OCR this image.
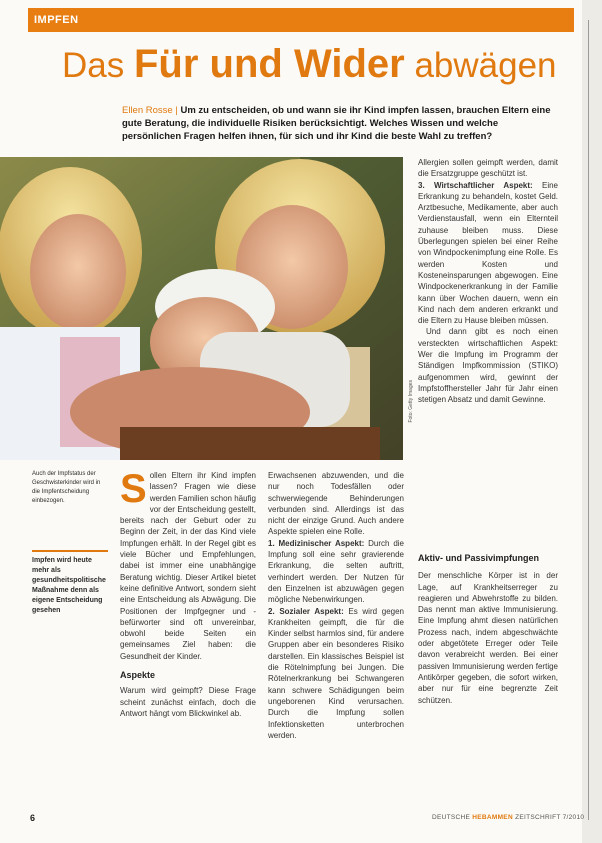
IMPFEN
Das Für und Wider abwägen
Ellen Rosse | Um zu entscheiden, ob und wann sie ihr Kind impfen lassen, brauchen Eltern eine gute Beratung, die individuelle Risiken berücksichtigt. Welches Wissen und welche persönlichen Fragen helfen ihnen, für sich und ihr Kind die beste Wahl zu treffen?
Foto: Getty Images
Auch der Impfstatus der Geschwisterkinder wird in die Impfentscheidung einbezogen.
Impfen wird heute mehr als gesundheitspolitische Maßnahme denn als eigene Entscheidung gesehen
S ollen Eltern ihr Kind impfen lassen? Fragen wie diese werden Familien schon häufig vor der Entscheidung gestellt, bereits nach der Geburt oder zu Beginn der Zeit, in der das Kind viele Impfungen erhält. In der Regel gibt es viele Bücher und Empfehlungen, dabei ist immer eine unabhängige Beratung wichtig. Dieser Artikel bietet keine definitive Antwort, sondern sieht eine Entscheidung als Abwägung. Die Positionen der Impfgegner und -befürworter sind oft unvereinbar, obwohl beide Seiten ein gemeinsames Ziel haben: die Gesundheit der Kinder.
Aspekte
Warum wird geimpft? Diese Frage scheint zunächst einfach, doch die Antwort hängt vom Blickwinkel ab.
Erwachsenen abzuwenden, und die nur noch Todesfällen oder schwerwiegende Behinderungen verbunden sind. Allerdings ist das nicht der einzige Grund. Auch andere Aspekte spielen eine Rolle.
1. Medizinischer Aspekt: Durch die Impfung soll eine sehr gravierende Erkrankung, die selten auftritt, verhindert werden. Der Nutzen für den Einzelnen ist abzuwägen gegen mögliche Nebenwirkungen.
2. Sozialer Aspekt: Es wird gegen Krankheiten geimpft, die für die Kinder selbst harmlos sind, für andere Gruppen aber ein besonderes Risiko darstellen. Ein klassisches Beispiel ist die Rötelnimpfung bei Jungen. Die Rötelnerkrankung bei Schwangeren kann schwere Schädigungen beim ungeborenen Kind verursachen. Durch die Impfung sollen Infektionsketten unterbrochen werden.
Allergien sollen geimpft werden, damit die Ersatzgruppe geschützt ist.
3. Wirtschaftlicher Aspekt: Eine Erkrankung zu behandeln, kostet Geld. Arztbesuche, Medikamente, aber auch Verdienstausfall, wenn ein Elternteil zuhause bleiben muss. Diese Überlegungen spielen bei einer Reihe von Windpockenimpfung eine Rolle. Es werden Kosten und Kosteneinsparungen abgewogen. Eine Windpockenerkrankung in der Familie kann über Wochen dauern, wenn ein Kind nach dem anderen erkrankt und die Eltern zu Hause bleiben müssen.
Und dann gibt es noch einen versteckten wirtschaftlichen Aspekt: Wer die Impfung im Programm der Ständigen Impfkommission (STIKO) aufgenommen wird, gewinnt der Impfstoffhersteller Jahr für Jahr einen stetigen Absatz und damit Gewinne.
Aktiv- und Passivimpfungen
Der menschliche Körper ist in der Lage, auf Krankheitserreger zu reagieren und Abwehrstoffe zu bilden. Das nennt man aktive Immunisierung. Eine Impfung ahmt diesen natürlichen Prozess nach, indem abgeschwächte oder abgetötete Erreger oder Teile davon verabreicht werden. Bei einer passiven Immunisierung werden fertige Antikörper gegeben, die sofort wirken, aber nur für eine begrenzte Zeit schützen.
6	DEUTSCHE HEBAMMEN ZEITSCHRIFT 7/2010
